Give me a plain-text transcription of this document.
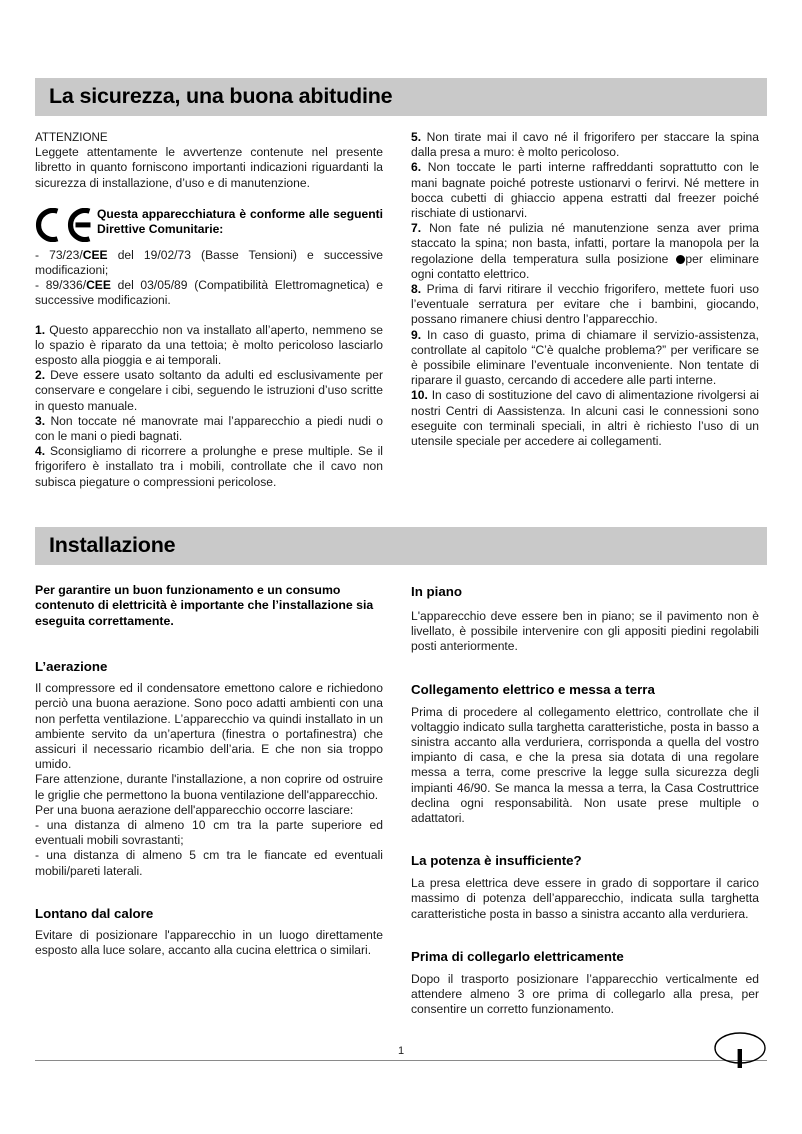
La sicurezza, una buona abitudine

ATTENZIONE

Leggete attentamente le avvertenze contenute nel presente libretto in quanto forniscono importanti indicazioni riguardanti la sicurezza di installazione, d’uso e di manutenzione.

Questa apparecchiatura è conforme alle seguenti Direttive Comunitarie:

- 73/23/CEE del 19/02/73 (Basse Tensioni) e successive modificazioni;

- 89/336/CEE del 03/05/89 (Compatibilità Elettromagnetica) e successive modificazioni.

1. Questo apparecchio non va installato all’aperto, nemmeno se lo spazio è riparato da una tettoia; è molto pericoloso lasciarlo esposto alla pioggia e ai temporali.

2. Deve essere usato soltanto da adulti ed esclusivamente per conservare e congelare i cibi, seguendo le istruzioni d’uso scritte in questo manuale.

3. Non toccate né manovrate mai l’apparecchio a piedi nudi o con le mani o piedi bagnati.

4. Sconsigliamo di ricorrere a prolunghe e prese multiple. Se il frigorifero è installato tra i mobili, controllate che il cavo non subisca piegature o compressioni pericolose.

5. Non tirate mai il cavo né il frigorifero per staccare la spina dalla presa a muro: è molto pericoloso.

6. Non toccate le parti interne raffreddanti soprattutto con le mani bagnate poiché potreste ustionarvi o ferirvi. Né mettere in bocca cubetti di ghiaccio appena estratti dal freezer poiché rischiate di ustionarvi.

7. Non fate né pulizia né manutenzione senza aver prima staccato la spina; non basta, infatti, portare la manopola per la regolazione della temperatura sulla posizione per eliminare ogni contatto elettrico.

8. Prima di farvi ritirare il vecchio frigorifero, mettete fuori uso l’eventuale serratura per evitare che i bambini, giocando, possano rimanere chiusi dentro l’apparecchio.

9. In caso di guasto, prima di chiamare il servizio-assistenza, controllate al capitolo “C’è qualche problema?” per verificare se è possibile eliminare l’eventuale inconveniente. Non tentate di riparare il guasto, cercando di accedere alle parti interne.

10. In caso di sostituzione del cavo di alimentazione rivolgersi ai nostri Centri di Aassistenza. In alcuni casi le connessioni sono eseguite con terminali speciali, in altri è richiesto l’uso di un utensile speciale per accedere ai collegamenti.

Installazione

Per garantire un buon funzionamento e un consumo contenuto di elettricità è importante che l’installazione sia eseguita correttamente.

L’aerazione

Il compressore ed il condensatore emettono calore e richiedono perciò una buona aerazione. Sono poco adatti ambienti con una non perfetta ventilazione. L’apparecchio va quindi installato in un ambiente servito da un’apertura (finestra o portafinestra) che assicuri il necessario ricambio dell’aria. E che non sia troppo umido.

Fare attenzione, durante l'installazione, a non coprire od ostruire le griglie che permettono la buona ventilazione dell'apparecchio.

Per una buona aerazione dell'apparecchio occorre lasciare:

- una distanza di almeno 10 cm tra la parte superiore ed eventuali mobili sovrastanti;

- una distanza di almeno 5 cm tra le fiancate ed eventuali mobili/pareti laterali.

Lontano dal calore

Evitare di posizionare l'apparecchio in un luogo direttamente esposto alla luce solare, accanto alla cucina elettrica o similari.

In piano

L'apparecchio deve essere ben in piano; se il pavimento non è livellato, è possibile intervenire con gli appositi piedini regolabili posti anteriormente.

Collegamento elettrico e messa a terra

Prima di procedere al collegamento elettrico, controllate che il voltaggio indicato sulla targhetta caratteristiche, posta in basso a sinistra accanto alla verduriera, corrisponda a quella del vostro impianto di casa, e che la presa sia dotata di una regolare messa a terra, come prescrive la legge sulla sicurezza degli impianti 46/90. Se manca la messa a terra, la Casa Costruttrice declina ogni responsabilità. Non usate prese multiple o adattatori.

La potenza è insufficiente?

La presa elettrica deve essere in grado di sopportare il carico massimo di potenza dell’apparecchio, indicata sulla targhetta caratteristiche posta in basso a sinistra accanto alla verduriera.

Prima di collegarlo elettricamente

Dopo il trasporto posizionare l’apparecchio verticalmente ed attendere almeno 3 ore prima di collegarlo alla presa, per consentire un corretto funzionamento.

1
